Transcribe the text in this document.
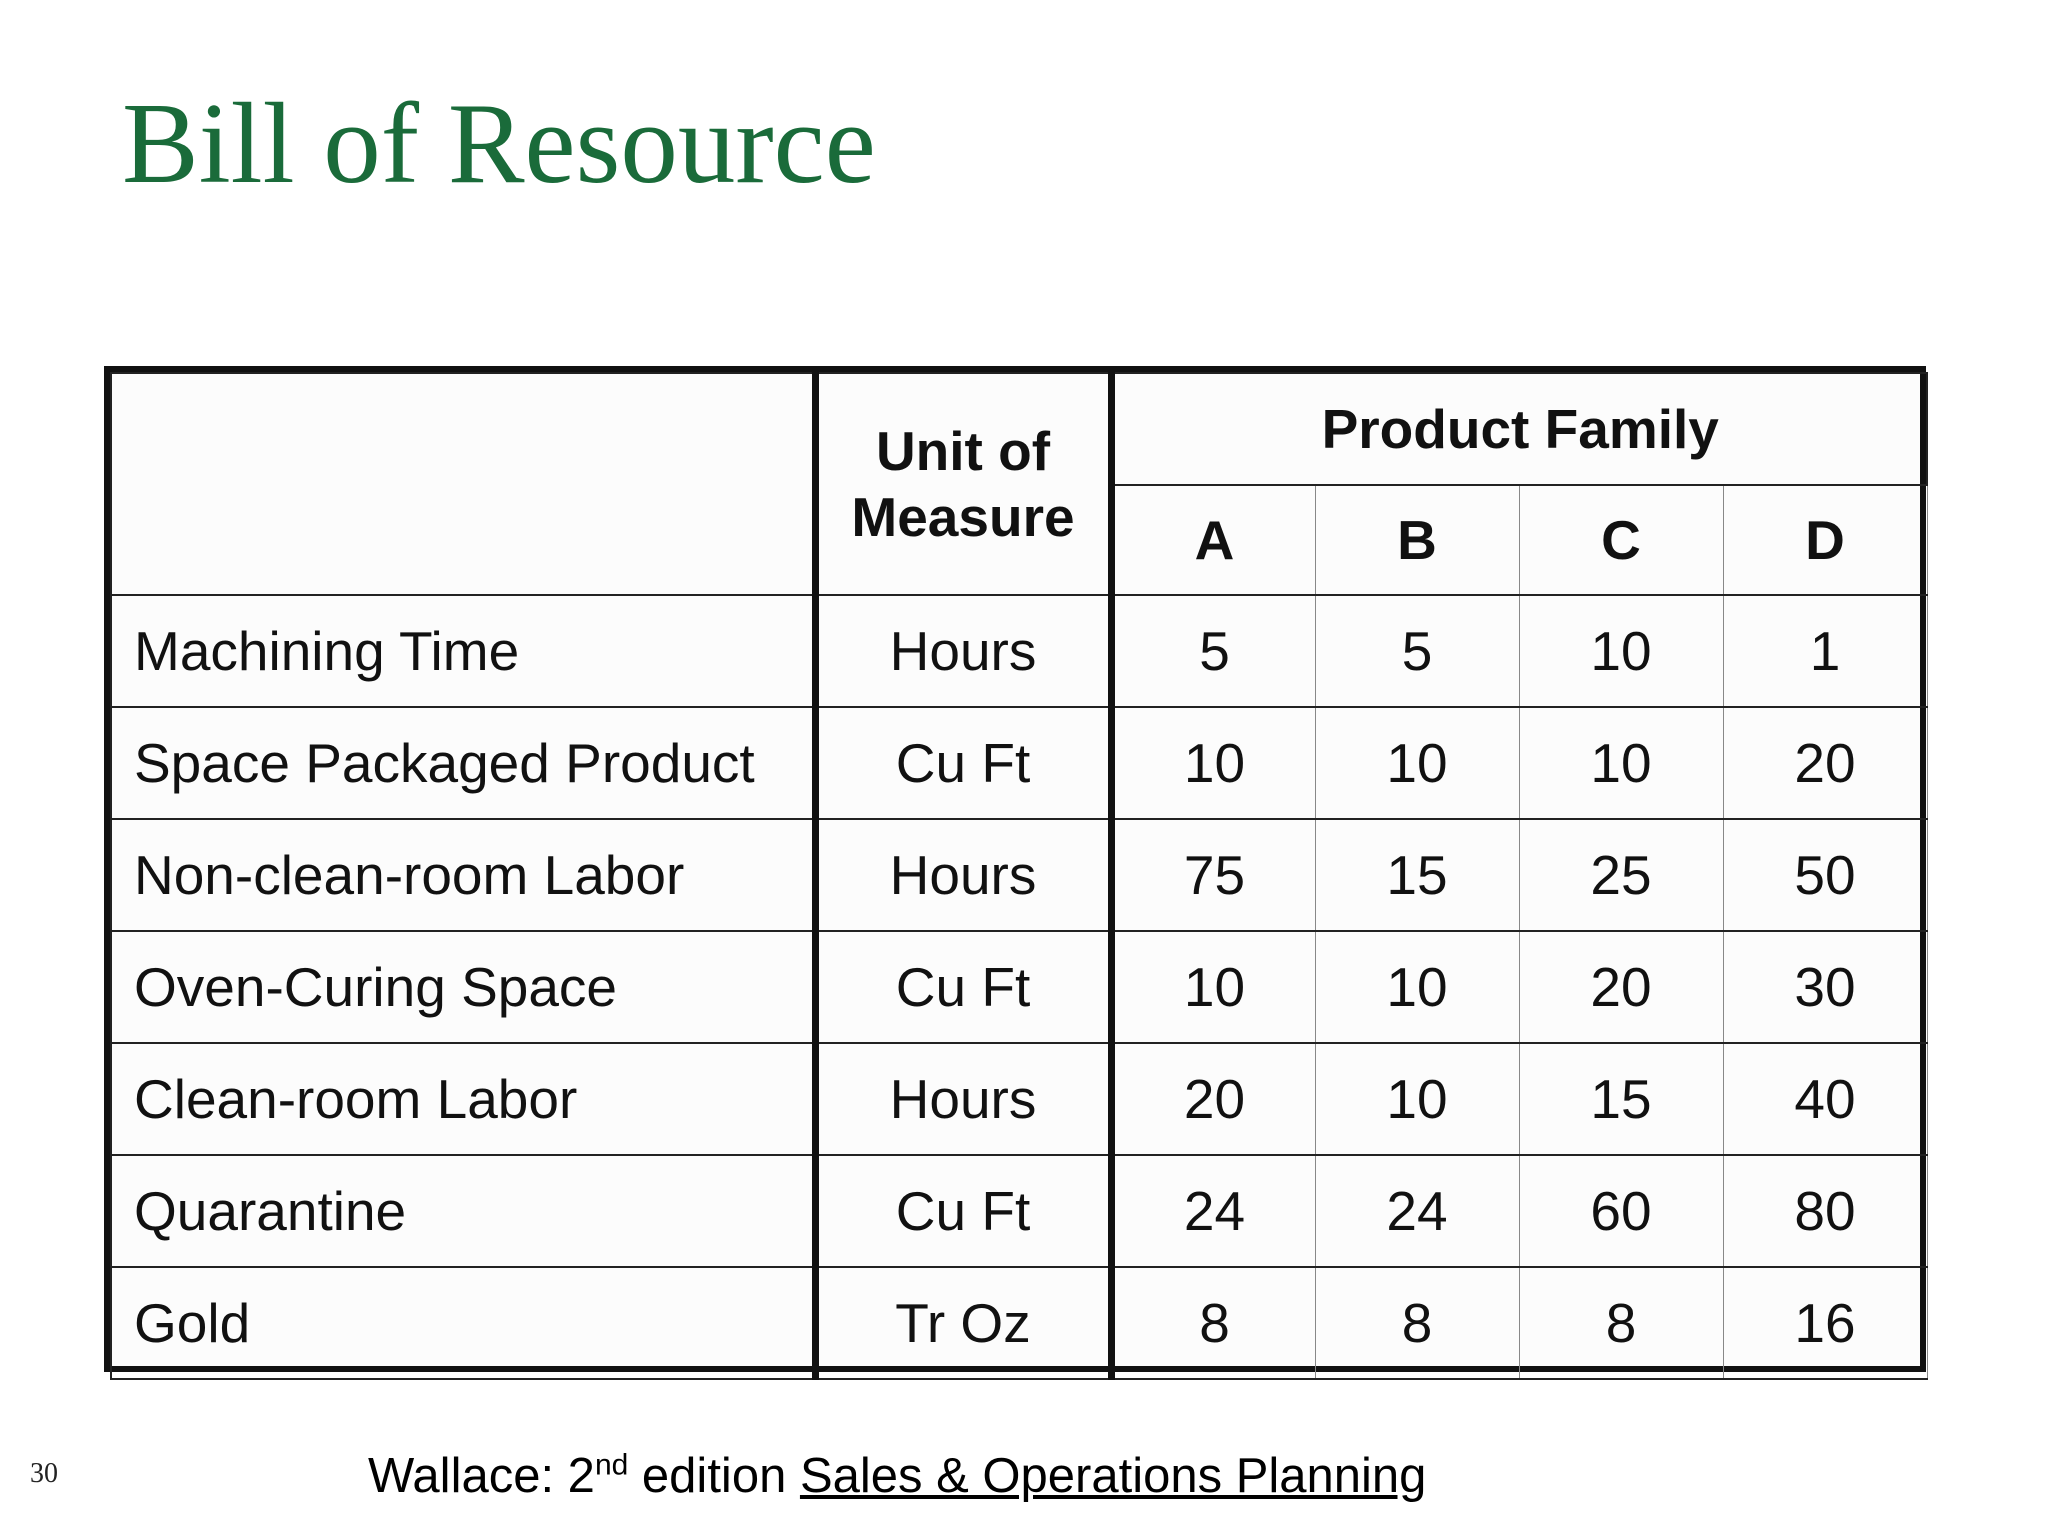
Bill of Resource
	Unit of Measure	Product Family			
		A	B	C	D
Machining Time	Hours	5	5	10	1
Space Packaged Product	Cu Ft	10	10	10	20
Non-clean-room Labor	Hours	75	15	25	50
Oven-Curing Space	Cu Ft	10	10	20	30
Clean-room Labor	Hours	20	10	15	40
Quarantine	Cu Ft	24	24	60	80
Gold	Tr Oz	8	8	8	16
30	Wallace: 2nd edition Sales & Operations Planning
